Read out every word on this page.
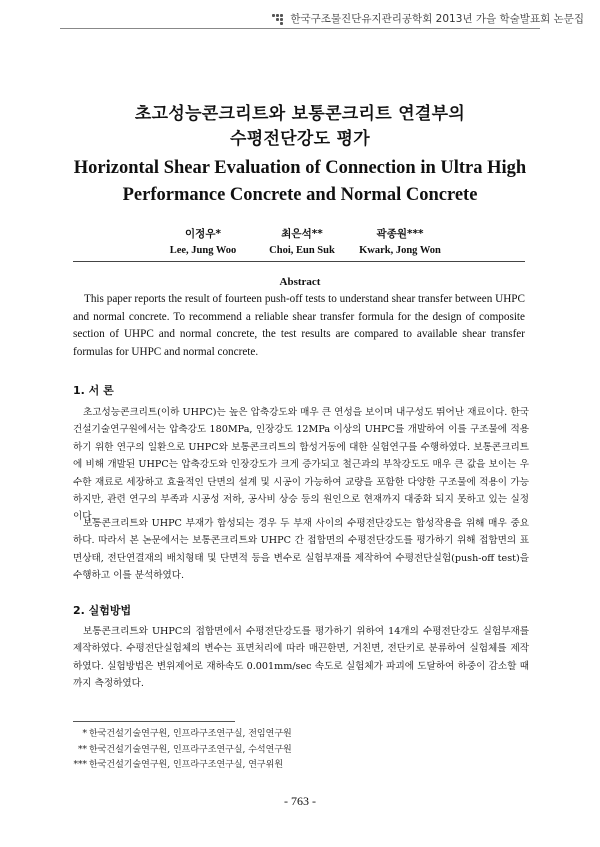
한국구조물진단유지관리공학회 2013년 가을 학술발표회 논문집
초고성능콘크리트와 보통콘크리트 연결부의
수평전단강도 평가
Horizontal Shear Evaluation of Connection in Ultra High
Performance Concrete and Normal Concrete
이정우*
Lee, Jung Woo
최은석**
Choi, Eun Suk
곽종원***
Kwark, Jong Won
Abstract

This paper reports the result of fourteen push-off tests to understand shear transfer between UHPC and normal concrete. To recommend a reliable shear transfer formula for the design of composite section of UHPC and normal concrete, the test results are compared to available shear transfer formulas for UHPC and normal concrete.

1. 서 론

초고성능콘크리트(이하 UHPC)는 높은 압축강도와 매우 큰 연성을 보이며 내구성도 뛰어난 재료이다. 한국건설기술연구원에서는 압축강도 180MPa, 인장강도 12MPa 이상의 UHPC를 개발하여 이를 구조물에 적용하기 위한 연구의 일환으로 UHPC와 보통콘크리트의 합성거동에 대한 실험연구를 수행하였다. 보통콘크리트에 비해 개발된 UHPC는 압축강도와 인장강도가 크게 증가되고 철근과의 부착강도도 매우 큰 값을 보이는 우수한 재료로 세장하고 효율적인 단면의 설계 및 시공이 가능하여 교량을 포함한 다양한 구조물에 적용이 가능하지만, 관련 연구의 부족과 시공성 저하, 공사비 상승 등의 원인으로 현재까지 대중화 되지 못하고 있는 실정이다.

보통콘크리트와 UHPC 부재가 합성되는 경우 두 부재 사이의 수평전단강도는 합성작용을 위해 매우 중요하다. 따라서 본 논문에서는 보통콘크리트와 UHPC 간 접합면의 수평전단강도를 평가하기 위해 접합면의 표면상태, 전단연결재의 배치형태 및 단면적 등을 변수로 실험부재를 제작하여 수평전단실험(push-off test)을 수행하고 이를 분석하였다.

2. 실험방법

보통콘크리트와 UHPC의 접합면에서 수평전단강도를 평가하기 위하여 14개의 수평전단강도 실험부재를 제작하였다. 수평전단실험체의 변수는 표면처리에 따라 매끈한면, 거친면, 전단키로 분류하여 실험체를 제작하였다. 실험방법은 변위제어로 재하속도 0.001mm/sec 속도로 실험체가 파괴에 도달하여 하중이 감소할 때까지 측정하였다.

* 한국건설기술연구원, 인프라구조연구실, 전임연구원
** 한국건설기술연구원, 인프라구조연구실, 수석연구원
*** 한국건설기술연구원, 인프라구조연구실, 연구위원
- 763 -
